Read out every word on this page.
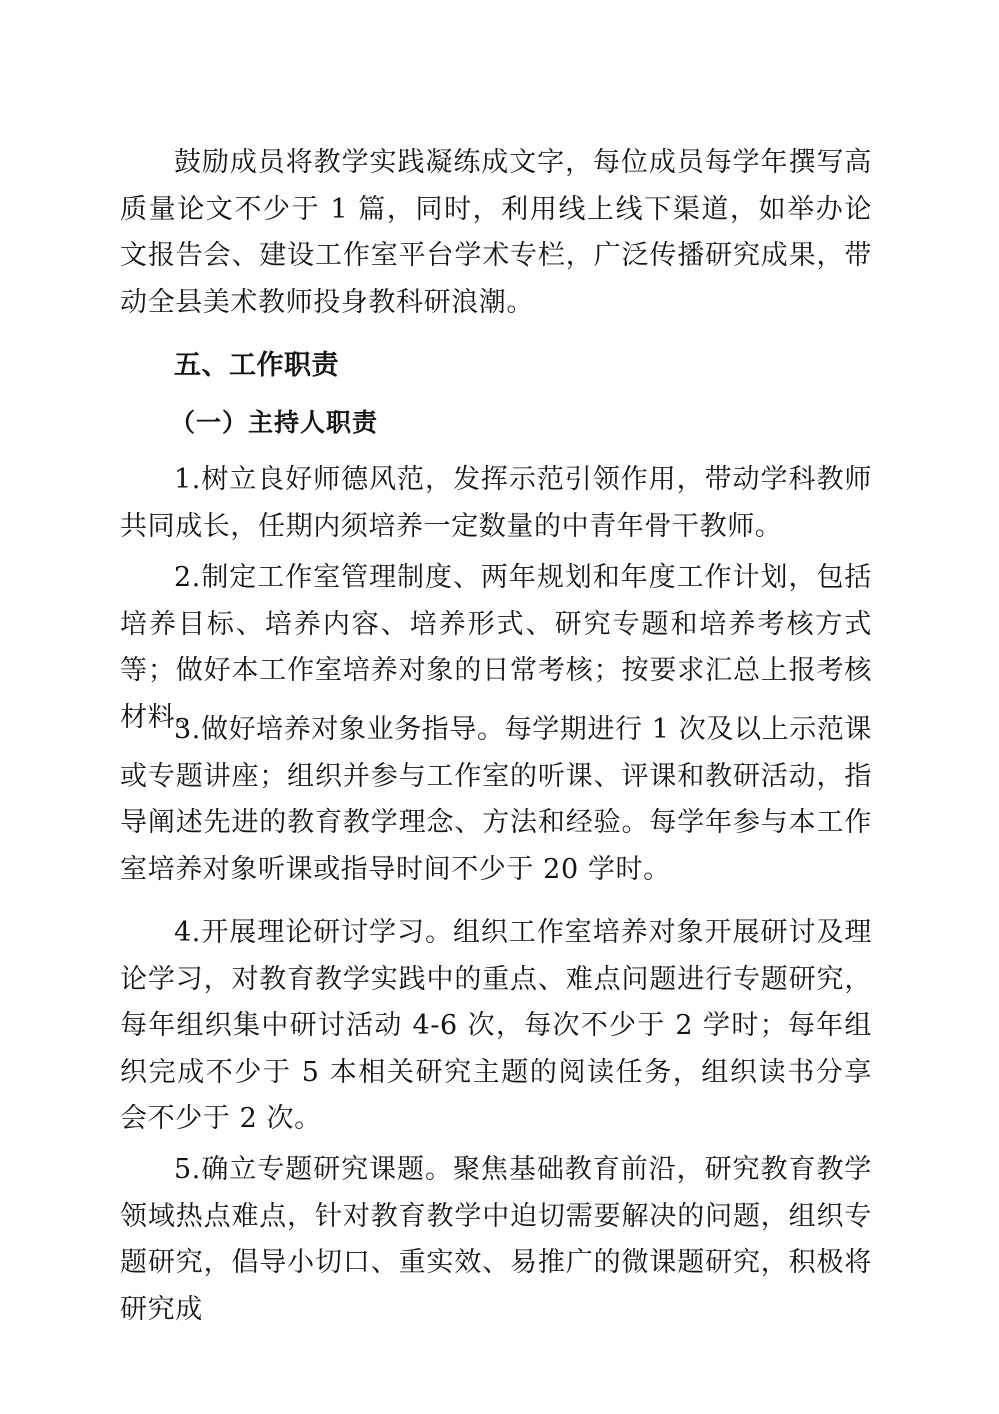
鼓励成员将教学实践凝练成文字，每位成员每学年撰写高质量论文不少于 1 篇，同时，利用线上线下渠道，如举办论文报告会、建设工作室平台学术专栏，广泛传播研究成果，带动全县美术教师投身教科研浪潮。

五、工作职责
（一）主持人职责

1.树立良好师德风范，发挥示范引领作用，带动学科教师共同成长，任期内须培养一定数量的中青年骨干教师。

2.制定工作室管理制度、两年规划和年度工作计划，包括培养目标、培养内容、培养形式、研究专题和培养考核方式等；做好本工作室培养对象的日常考核；按要求汇总上报考核材料。

3.做好培养对象业务指导。每学期进行 1 次及以上示范课或专题讲座；组织并参与工作室的听课、评课和教研活动，指导阐述先进的教育教学理念、方法和经验。每学年参与本工作室培养对象听课或指导时间不少于 20 学时。

4.开展理论研讨学习。组织工作室培养对象开展研讨及理论学习，对教育教学实践中的重点、难点问题进行专题研究，每年组织集中研讨活动 4-6 次，每次不少于 2 学时；每年组织完成不少于 5 本相关研究主题的阅读任务，组织读书分享会不少于 2 次。

5.确立专题研究课题。聚焦基础教育前沿，研究教育教学领域热点难点，针对教育教学中迫切需要解决的问题，组织专题研究，倡导小切口、重实效、易推广的微课题研究，积极将研究成
